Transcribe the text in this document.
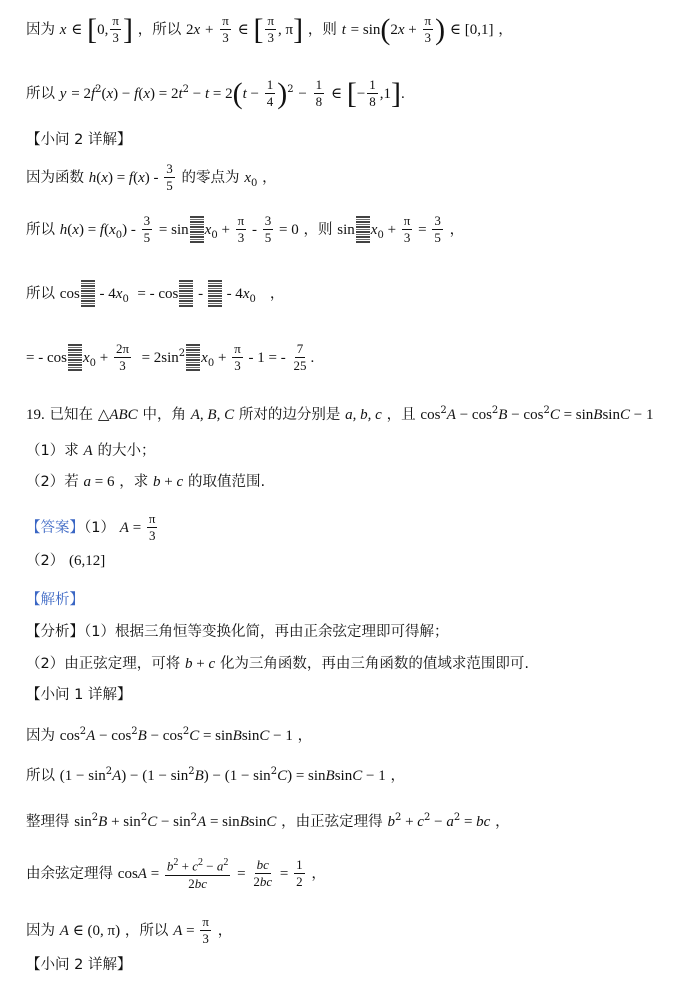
因为 x ∈ [0, $\frac{\pi}{3}$ ] ，所以 $2x + \frac{\pi}{3}$ ∈ [ $\frac{\pi}{3}$ , π] ，则 $t = \sin(2x + \frac{\pi}{3}$ ) ∈ [0,1] ，
所以 $y = 2f^2(x) - f(x) = 2t^2 - t = 2(t - \frac{1}{4} )^2 - \frac{1}{8}$ ∈ [− $\frac{1}{8} ,1$].
【小问 2 详解】
因为函数 $h(x) = f(x) - \frac{3}{5}$ 的零点为 $x_0$ ，
所以 $h(x) = f(x_0) - \frac{3}{5} = \sin x_0 + \frac{\pi}{3} - \frac{3}{5} = 0$ ，则 $\sin x_0 + \frac{\pi}{3} = \frac{3}{5}$ ，
所以 cos - $4x_0$  = - cos -  - $4x_0$   ，
= - $\cos x_0 + \frac{2\pi}{3} = 2\sin^2$ $x_0 + \frac{\pi}{3} - 1$ = - $\frac{7}{25}$ .
19. 已知在 △ABC 中，角 A, B, C 所对的边分别是 a, b, c ，且 $\cos^2A - \cos^2B - \cos^2C$ = sinBsinC − 1
（1）求 A 的大小；
（2）若 a = 6 ，求 b + c 的取值范围.
【答案】（1） $A = \frac{\pi}{3}$
（2） (6,12]
【解析】
【分析】（1）根据三角恒等变换化简，再由正余弦定理即可得解；
（2）由正弦定理，可将 b + c 化为三角函数，再由三角函数的值域求范围即可.
【小问 1 详解】
因为 $\cos^2A - \cos^2B - \cos^2C$ = sinBsinC − 1 ，
所以 $(1 - \sin^2A) - (1 - \sin^2B) - (1 - \sin^2C)$ = sinBsinC − 1 ，
整理得 $\sin^2B + \sin^2C - \sin^2A$ = sinBsinC ，由正弦定理得 $b^2 + c^2 - a^2$ = bc ，
由余弦定理得 $\cos A = \frac{b^2 + c^2 - a^2}{2bc} = \frac{bc}{2bc} = \frac{1}{2}$ ，
因为 A ∈ (0, π) ，所以 $A = \frac{\pi}{3}$ ，
【小问 2 详解】
